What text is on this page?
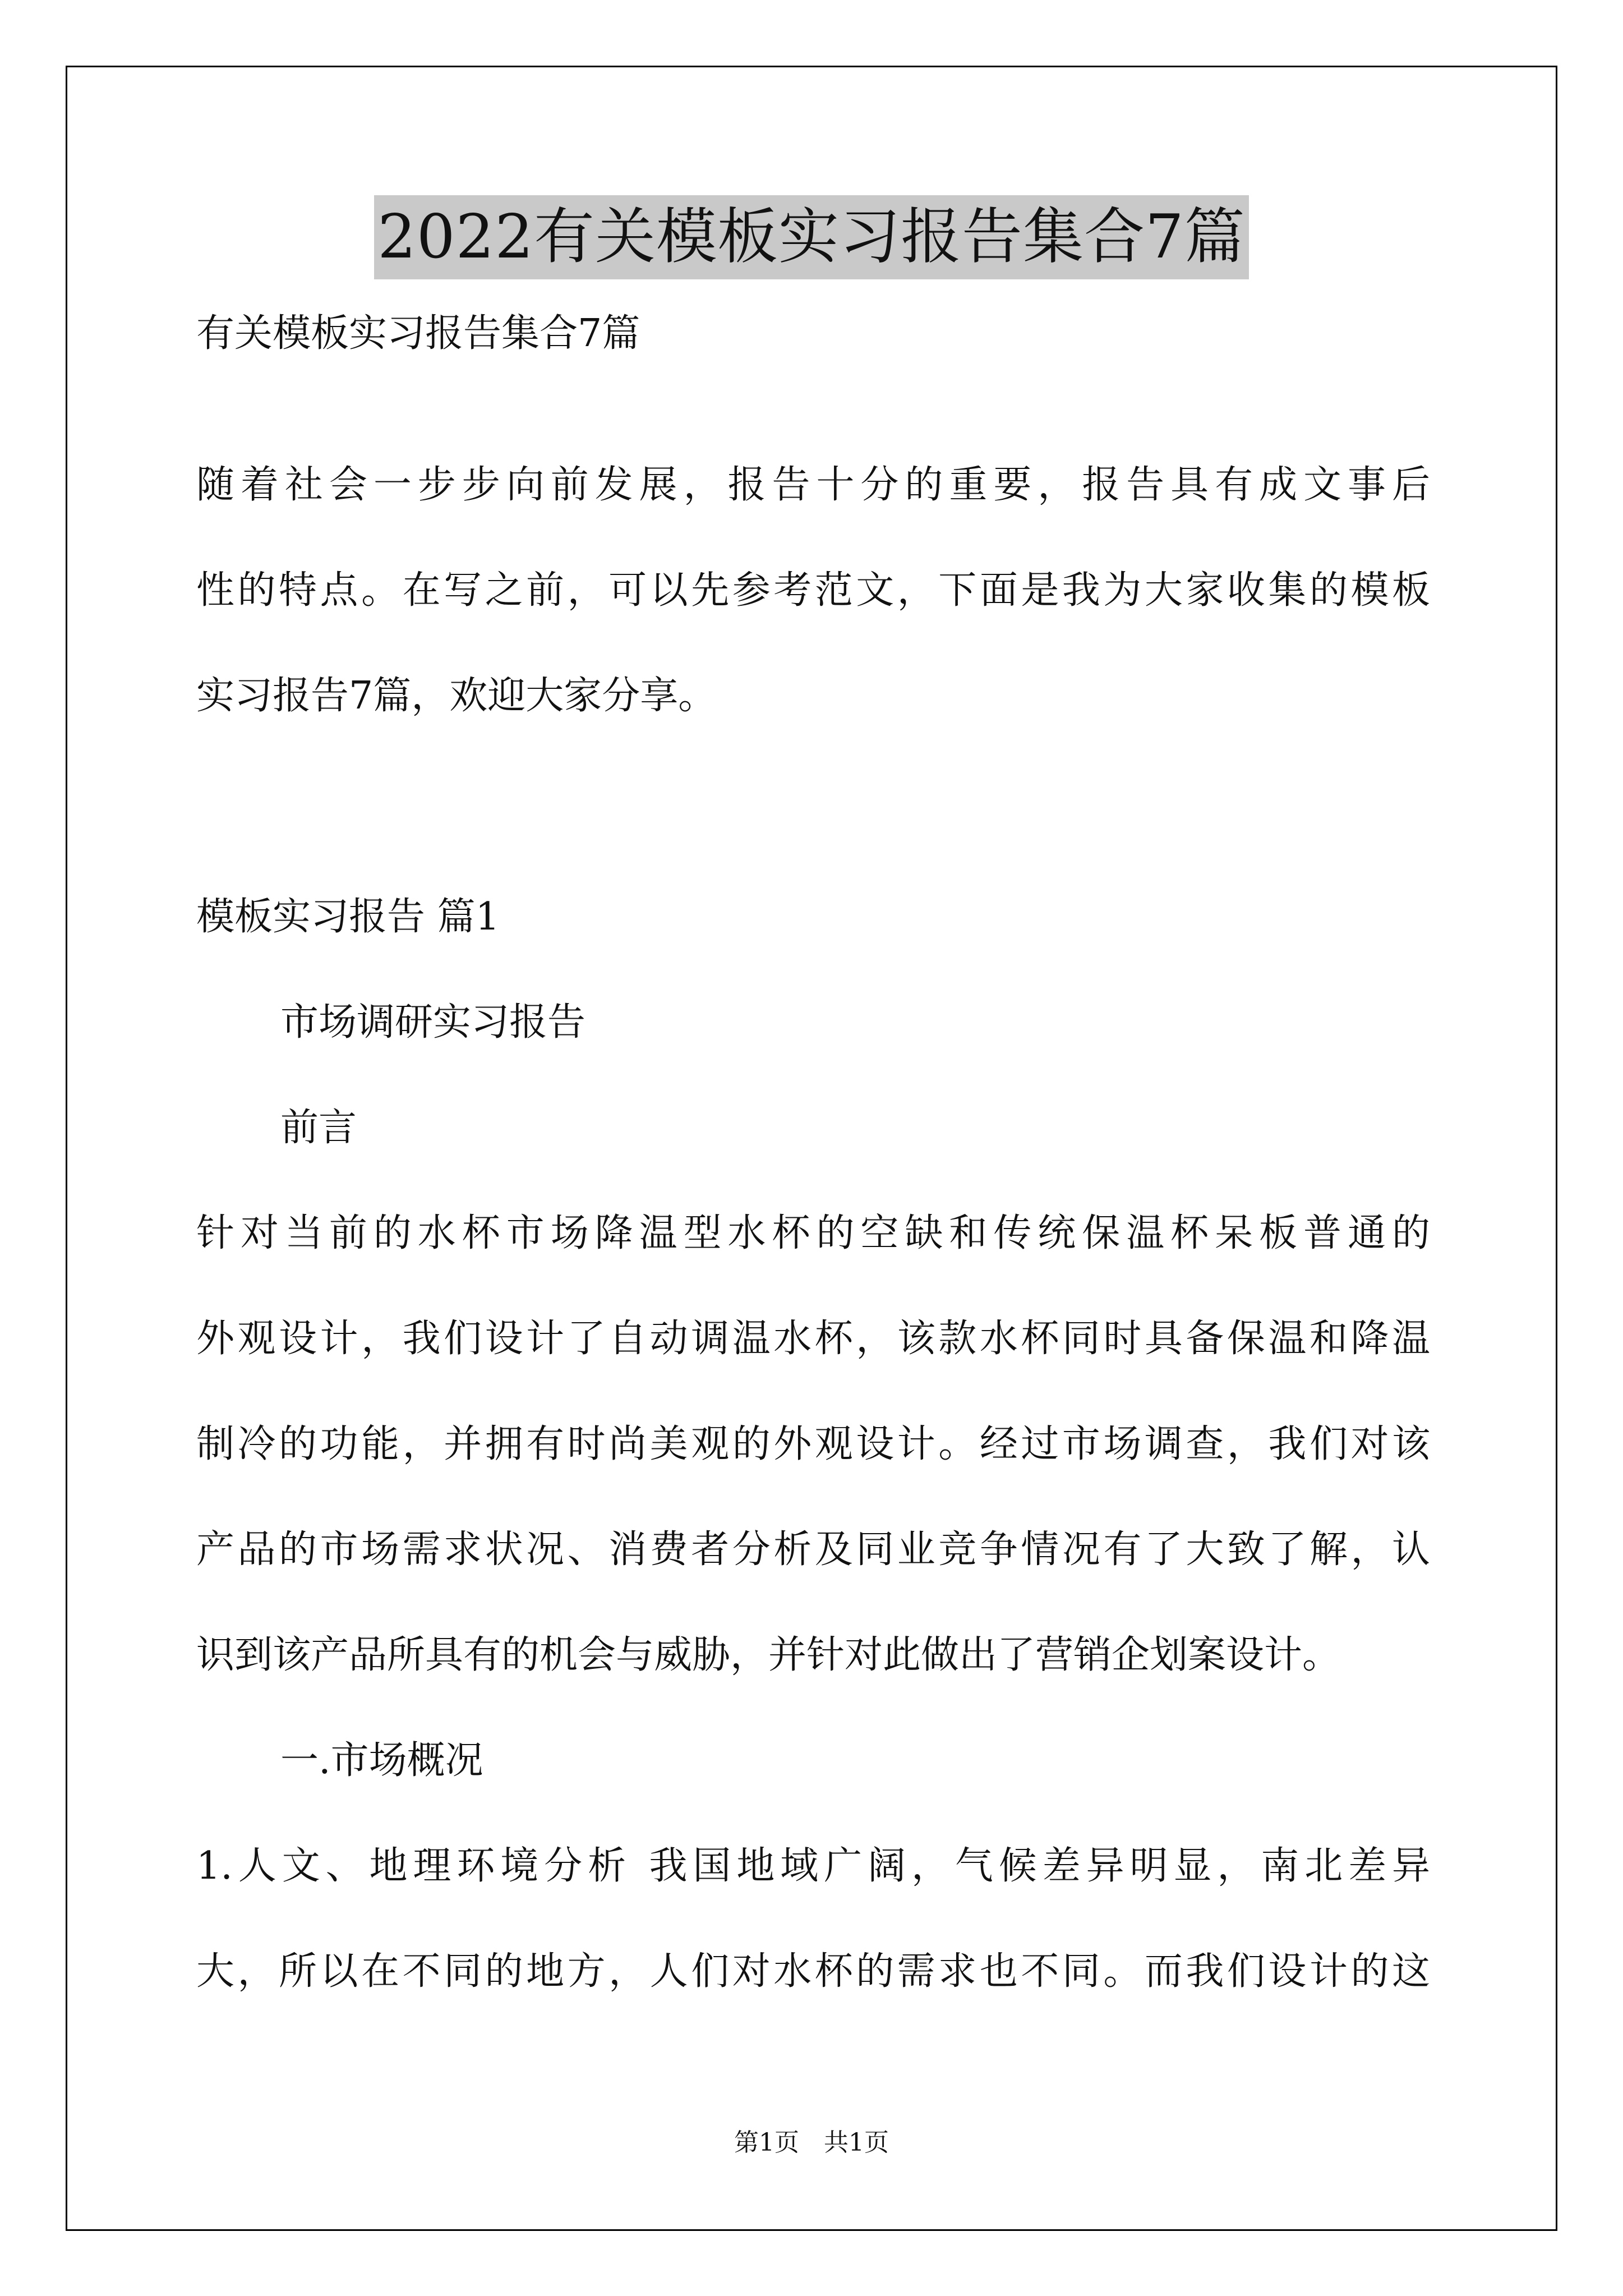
2022有关模板实习报告集合7篇
有关模板实习报告集合7篇
随着社会一步步向前发展，报告十分的重要，报告具有成文事后
性的特点。在写之前，可以先参考范文，下面是我为大家收集的模板
实习报告7篇，欢迎大家分享。
模板实习报告 篇1
市场调研实习报告
前言
针对当前的水杯市场降温型水杯的空缺和传统保温杯呆板普通的
外观设计，我们设计了自动调温水杯，该款水杯同时具备保温和降温
制冷的功能，并拥有时尚美观的外观设计。经过市场调查，我们对该
产品的市场需求状况、消费者分析及同业竞争情况有了大致了解，认
识到该产品所具有的机会与威胁，并针对此做出了营销企划案设计。
一.市场概况
1.人文、地理环境分析 我国地域广阔，气候差异明显，南北差异
大，所以在不同的地方，人们对水杯的需求也不同。而我们设计的这
第1页 共1页
